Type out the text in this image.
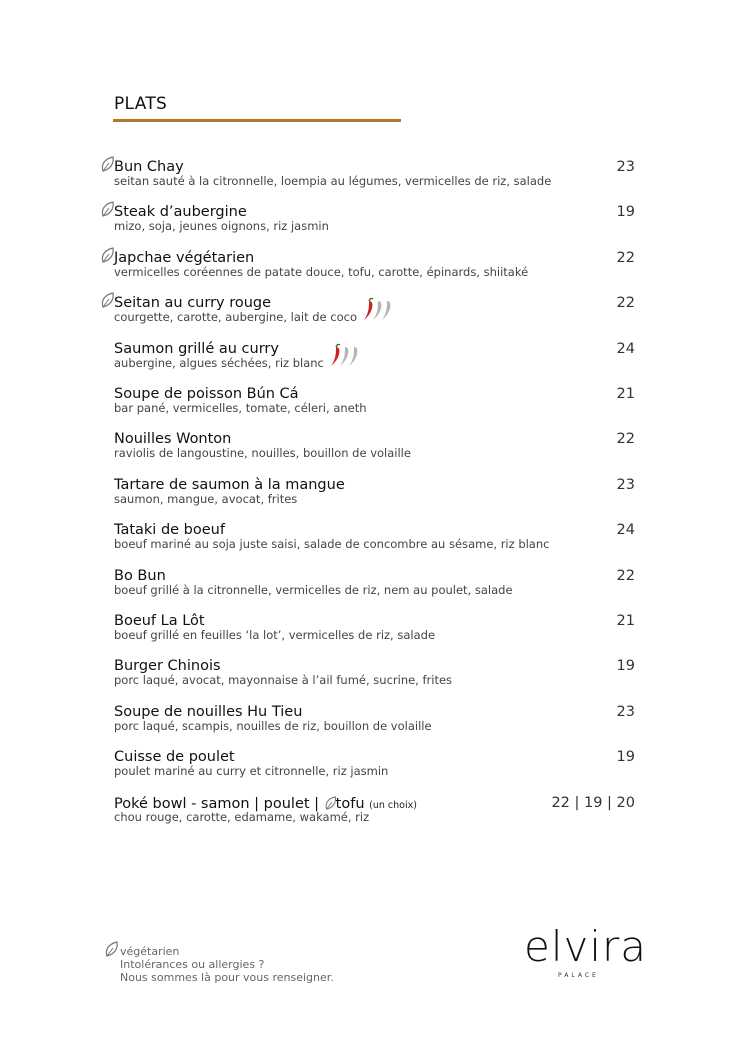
PLATS
Bun Chay
seitan sauté à la citronnelle, loempia au légumes, vermicelles de riz, salade
23
Steak d’aubergine
mizo, soja, jeunes oignons, riz jasmin
19
Japchae végétarien
vermicelles coréennes de patate douce, tofu, carotte, épinards, shiitaké
22
Seitan au curry rouge
courgette, carotte, aubergine, lait de coco
22
Saumon grillé au curry
aubergine, algues séchées, riz blanc
24
Soupe de poisson Bún Cá
bar pané, vermicelles, tomate, céleri, aneth
21
Nouilles Wonton
raviolis de langoustine, nouilles, bouillon de volaille
22
Tartare de saumon à la mangue
saumon, mangue, avocat, frites
23
Tataki de boeuf
boeuf mariné au soja juste saisi, salade de concombre au sésame, riz blanc
24
Bo Bun
boeuf grillé à la citronnelle, vermicelles de riz, nem au poulet, salade
22
Boeuf La Lôt
boeuf grillé en feuilles ‘la lot’, vermicelles de riz, salade
21
Burger Chinois
porc laqué, avocat, mayonnaise à l’ail fumé, sucrine, frites
19
Soupe de nouilles Hu Tieu
porc laqué, scampis, nouilles de riz, bouillon de volaille
23
Cuisse de poulet
poulet mariné au curry et citronnelle, riz jasmin
19
Poké bowl - samon | poulet | tofu (un choix)
chou rouge, carotte, edamame, wakamé, riz
22 | 19 | 20
végétarien
Intolérances ou allergies ?
Nous sommes là pour vous renseigner.
elvira
PALACE
